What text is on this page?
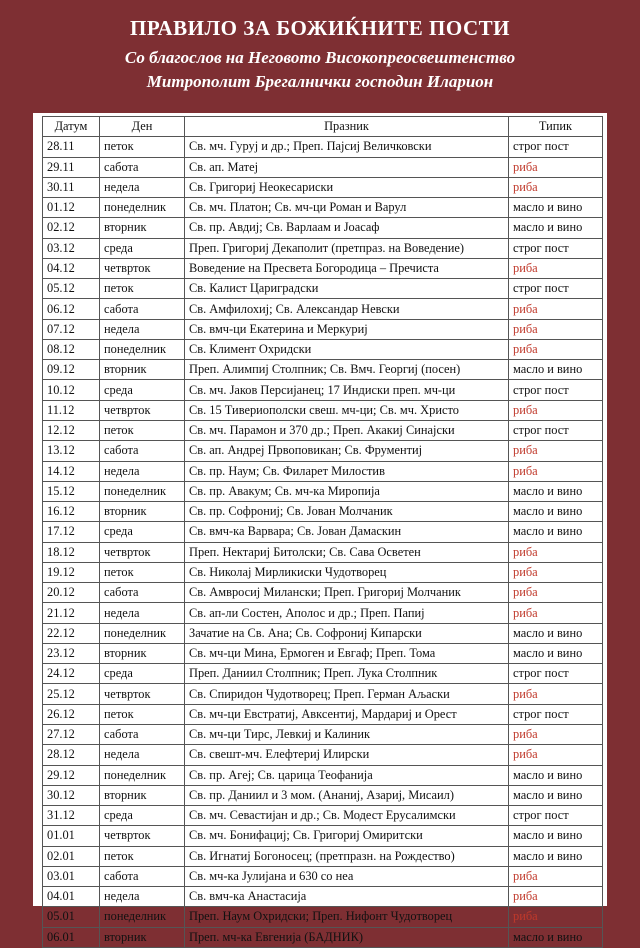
ПРАВИЛО ЗА БОЖИЌНИТЕ ПОСТИ
Со благослов на Неговото Високопреосвештенство
Митрополит Брегалнички господин Иларион
Датум	Ден	Празник	Типик
28.11	петок	Св. мч. Гуруј и др.; Преп. Пајсиј Величковски	строг пост
29.11	сабота	Св. ап. Матеј	риба
30.11	недела	Св. Григориј Неокесариски	риба
01.12	понеделник	Св. мч. Платон; Св. мч-ци Роман и Варул	масло и вино
02.12	вторник	Св. пр. Авдиј; Св. Варлаам и Јоасаф	масло и вино
03.12	среда	Преп. Григориј Декаполит (претпраз. на Воведение)	строг пост
04.12	четврток	Воведение на Пресвета Богородица – Пречиста	риба
05.12	петок	Св. Калист Цариградски	строг пост
06.12	сабота	Св. Амфилохиј; Св. Александар Невски	риба
07.12	недела	Св. вмч-ци Екатерина и Меркуриј	риба
08.12	понеделник	Св. Климент Охридски	риба
09.12	вторник	Преп. Алимпиј Столпник; Св. Вмч. Георгиј (посен)	масло и вино
10.12	среда	Св. мч. Јаков Персијанец; 17 Индиски преп. мч-ци	строг пост
11.12	четврток	Св. 15 Тивериополски свеш. мч-ци; Св. мч. Христо	риба
12.12	петок	Св. мч. Парамон и 370 др.; Преп. Акакиј Синајски	строг пост
13.12	сабота	Св. ап. Андреј Првоповикан; Св. Фрументиј	риба
14.12	недела	Св. пр. Наум; Св. Филарет Милостив	риба
15.12	понеделник	Св. пр. Авакум; Св. мч-ка Миропија	масло и вино
16.12	вторник	Св. пр. Софрониј; Св. Јован Молчаник	масло и вино
17.12	среда	Св. вмч-ка Варвара; Св. Јован Дамаскин	масло и вино
18.12	четврток	Преп. Нектариј Битолски; Св. Сава Осветен	риба
19.12	петок	Св. Николај Мирликиски Чудотворец	риба
20.12	сабота	Св. Амвросиј Милански; Преп. Григориј Молчаник	риба
21.12	недела	Св. ап-ли Состен, Аполос и др.; Преп. Папиј	риба
22.12	понеделник	Зачатие на Св. Ана; Св. Софрониј Кипарски	масло и вино
23.12	вторник	Св. мч-ци Мина, Ермоген и Евгаф; Преп. Тома	масло и вино
24.12	среда	Преп. Даниил Столпник; Преп. Лука Столпник	строг пост
25.12	четврток	Св. Спиридон Чудотворец; Преп. Герман Аљаски	риба
26.12	петок	Св. мч-ци Евстратиј, Авксентиј, Мардариј и Орест	строг пост
27.12	сабота	Св. мч-ци Тирс, Левкиј и Калиник	риба
28.12	недела	Св. свешт-мч. Елефтериј Илирски	риба
29.12	понеделник	Св. пр. Агеј; Св. царица Теофанија	масло и вино
30.12	вторник	Св. пр. Даниил и 3 мом. (Ананиј, Азариј, Мисаил)	масло и вино
31.12	среда	Св. мч. Севастијан и др.; Св. Модест Ерусалимски	строг пост
01.01	четврток	Св. мч. Бонифациј; Св. Григориј Омиритски	масло и вино
02.01	петок	Св. Игнатиј Богоносец; (претпразн. на Рождество)	масло и вино
03.01	сабота	Св. мч-ка Јулијана и 630 со неа	риба
04.01	недела	Св. вмч-ка Анастасија	риба
05.01	понеделник	Преп. Наум Охридски; Преп. Нифонт Чудотворец	риба
06.01	вторник	Преп. мч-ка Евгенија (БАДНИК)	масло и вино
